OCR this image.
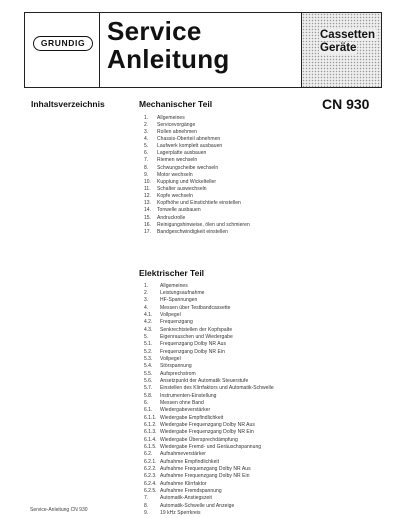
GRUNDIG Service
Anleitung
Cassetten
Geräte
Inhaltsverzeichnis	Mechanischer Teil	CN 930
1.	Allgemeines
2.	Servicevorgänge
3.	Rollen abnehmen
4.	Chassis-Oberteil abnehmen
5.	Laufwerk komplett ausbauen
6.	Lagerplatte ausbauen
7.	Riemen wechseln
8.	Schwungscheibe wechseln
9.	Motor wechseln
10.	Kupplung und Wickelteller
11.	Schalter auswechseln
12.	Kopfe wechseln
13.	Kopfhöhe und Einstichtiefe einstellen
14.	Tonwelle ausbauen
15.	Andruckrolle
16.	Reinigungshinweise, ölen und schmieren
17.	Bandgeschwindigkeit einstellen
Elektrischer Teil
1.	Allgemeines
2.	Leistungsaufnahme
3.	HF-Spannungen
4.	Messen über Testbandcassette
4.1.	Vollpegel
4.2.	Frequenzgang
4.3.	Senkrechtstellen der Kopfspalte
5.	Eigenrauschen und Wiedergabe
5.1.	Frequenzgang Dolby NR Aus
5.2.	Frequenzgang Dolby NR Ein
5.3.	Vollpegel
5.4.	Störspannung
5.5.	Aufsprechstrom
5.6.	Ansetzpunkt der Automatik Steuerstufe
5.7.	Einstellen des Klirrfaktors und Automatik-Schwelle
5.8.	Instrumenten-Einstellung
6.	Messen ohne Band
6.1.	Wiedergabeverstärker
6.1.1. Wiedergabe Empfindlichkeit
6.1.2. Wiedergabe Frequenzgang Dolby NR Aus
6.1.3. Wiedergabe Frequenzgang Dolby NR Ein
6.1.4. Wiedergabe Übersprechdämpfung
6.1.5. Wiedergabe Fremd- und Geräuschspannung
6.2.	Aufnahmeverstärker
6.2.1. Aufnahme Empfindlichkeit
6.2.2. Aufnahme Frequenzgang Dolby NR Aus
6.2.3. Aufnahme Frequenzgang Dolby NR Ein
6.2.4. Aufnahme Klirrfaktor
6.2.5. Aufnahme Fremdspannung
7.	Automatik-Anstiegszeit
8.	Automatik-Schwelle und Anzeige
9.	19 kHz Sperrkreis
Service-Anleitung CN 930
